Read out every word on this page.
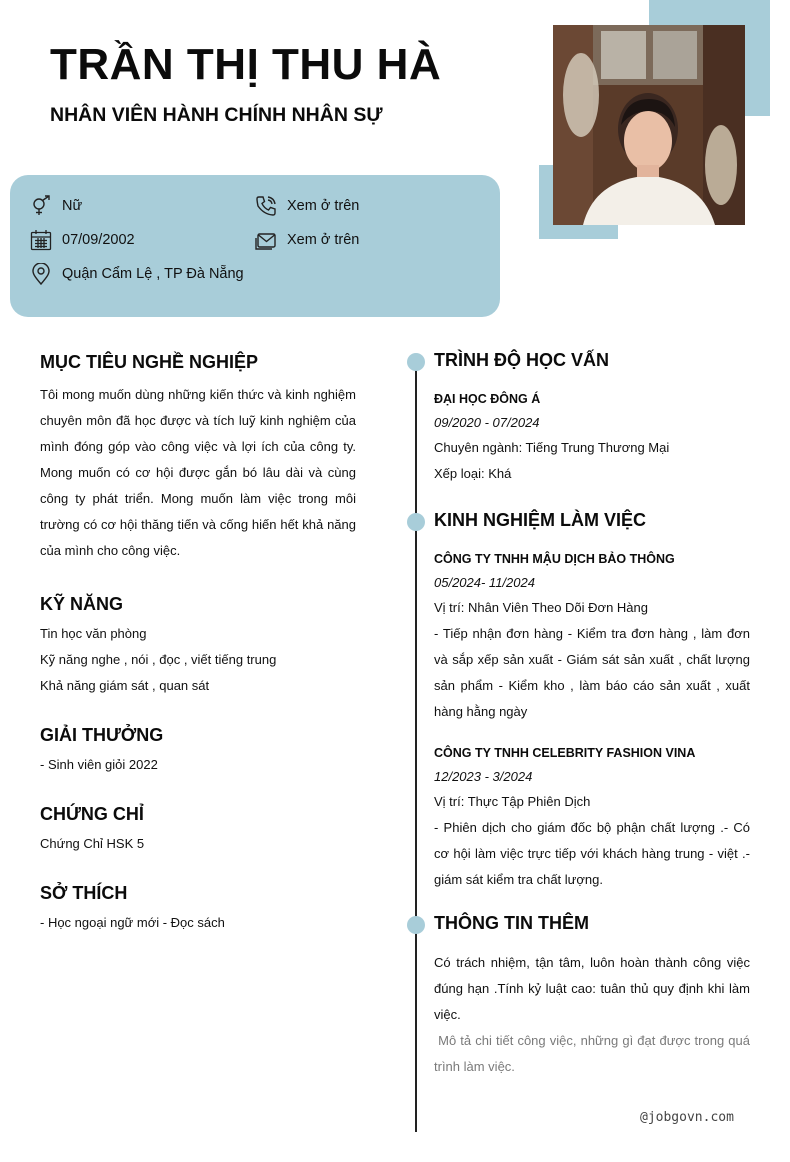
TRẦN THỊ THU HÀ
NHÂN VIÊN HÀNH CHÍNH NHÂN SỰ
Nữ
07/09/2002
Quận Cẩm Lệ , TP Đà Nẵng
Xem ở trên
Xem ở trên
MỤC TIÊU NGHỀ NGHIỆP
Tôi mong muốn dùng những kiến thức và kinh nghiệm chuyên môn đã học được và tích luỹ kinh nghiệm của mình đóng góp vào công việc và lợi ích của công ty. Mong muốn có cơ hội được gắn bó lâu dài và cùng công ty phát triển. Mong muốn làm việc trong môi trường có cơ hội thăng tiến và cống hiến hết khả năng của mình cho công việc.
KỸ NĂNG
Tin học văn phòng
Kỹ năng nghe , nói , đọc , viết tiếng trung
Khả năng giám sát , quan sát
GIẢI THƯỞNG
- Sinh viên giỏi 2022
CHỨNG CHỈ
Chứng Chỉ HSK 5
SỞ THÍCH
- Học ngoại ngữ mới - Đọc sách
TRÌNH ĐỘ HỌC VẤN
ĐẠI HỌC ĐÔNG Á
09/2020 - 07/2024
Chuyên ngành: Tiếng Trung Thương Mại
Xếp loại: Khá
KINH NGHIỆM LÀM VIỆC
CÔNG TY TNHH MẬU DỊCH BẢO THÔNG
05/2024- 11/2024
Vị trí: Nhân Viên Theo Dõi Đơn Hàng
- Tiếp nhận đơn hàng - Kiểm tra đơn hàng , làm đơn và sắp xếp sản xuất - Giám sát sản xuất , chất lượng sản phẩm - Kiểm kho , làm báo cáo sản xuất , xuất hàng hằng ngày
CÔNG TY TNHH CELEBRITY FASHION VINA
12/2023 - 3/2024
Vị trí: Thực Tập Phiên Dịch
- Phiên dịch cho giám đốc bộ phận chất lượng .- Có cơ hội làm việc trực tiếp với khách hàng trung - việt .- giám sát kiểm tra chất lượng.
THÔNG TIN THÊM
Có trách nhiệm, tận tâm, luôn hoàn thành công việc đúng hạn .Tính kỷ luật cao: tuân thủ quy định khi làm việc.
Mô tả chi tiết công việc, những gì đạt được trong quá trình làm việc.
@jobgovn.com
